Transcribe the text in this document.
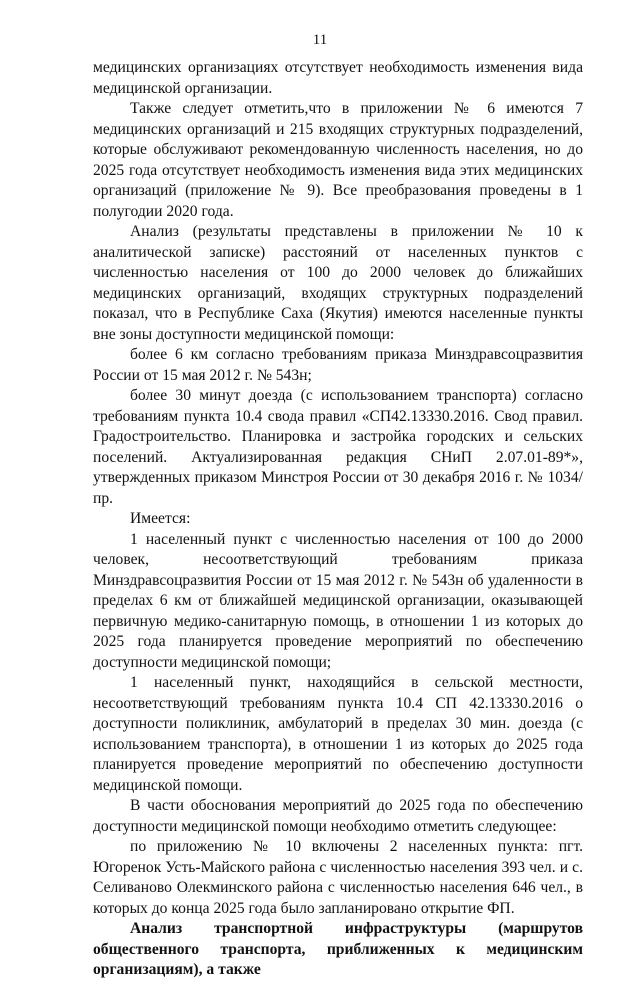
11

медицинских организациях отсутствует необходимость изменения вида медицинской организации.

Также следует отметить,что в приложении № 6 имеются 7 медицинских организаций и 215 входящих структурных подразделений, которые обслуживают рекомендованную численность населения, но до 2025 года отсутствует необходимость изменения вида этих медицинских организаций (приложение № 9). Все преобразования проведены в 1 полугодии 2020 года.

Анализ (результаты представлены в приложении № 10 к аналитической записке) расстояний от населенных пунктов с численностью населения от 100 до 2000 человек до ближайших медицинских организаций, входящих структурных подразделений показал, что в Республике Саха (Якутия) имеются населенные пункты вне зоны доступности медицинской помощи:

более 6 км согласно требованиям приказа Минздравсоцразвития России от 15 мая 2012 г. № 543н;

более 30 минут доезда (с использованием транспорта) согласно требованиям пункта 10.4 свода правил «СП42.13330.2016. Свод правил. Градостроительство. Планировка и застройка городских и сельских поселений. Актуализированная редакция СНиП 2.07.01-89*», утвержденных приказом Минстроя России от 30 декабря 2016 г. № 1034/пр.

Имеется:

1 населенный пункт с численностью населения от 100 до 2000 человек, несоответствующий требованиям приказа Минздравсоцразвития России от 15 мая 2012 г. № 543н об удаленности в пределах 6 км от ближайшей медицинской организации, оказывающей первичную медико-санитарную помощь, в отношении 1 из которых до 2025 года планируется проведение мероприятий по обеспечению доступности медицинской помощи;

1 населенный пункт, находящийся в сельской местности, несоответствующий требованиям пункта 10.4 СП 42.13330.2016 о доступности поликлиник, амбулаторий в пределах 30 мин. доезда (с использованием транспорта), в отношении 1 из которых до 2025 года планируется проведение мероприятий по обеспечению доступности медицинской помощи.

В части обоснования мероприятий до 2025 года по обеспечению доступности медицинской помощи необходимо отметить следующее:

по приложению № 10 включены 2 населенных пункта: пгт. Югоренок Усть-Майского района с численностью населения 393 чел. и с. Селиваново Олекминского района с численностью населения 646 чел., в которых до конца 2025 года было запланировано открытие ФП.

Анализ транспортной инфраструктуры (маршрутов общественного транспорта, приближенных к медицинским организациям), а также
